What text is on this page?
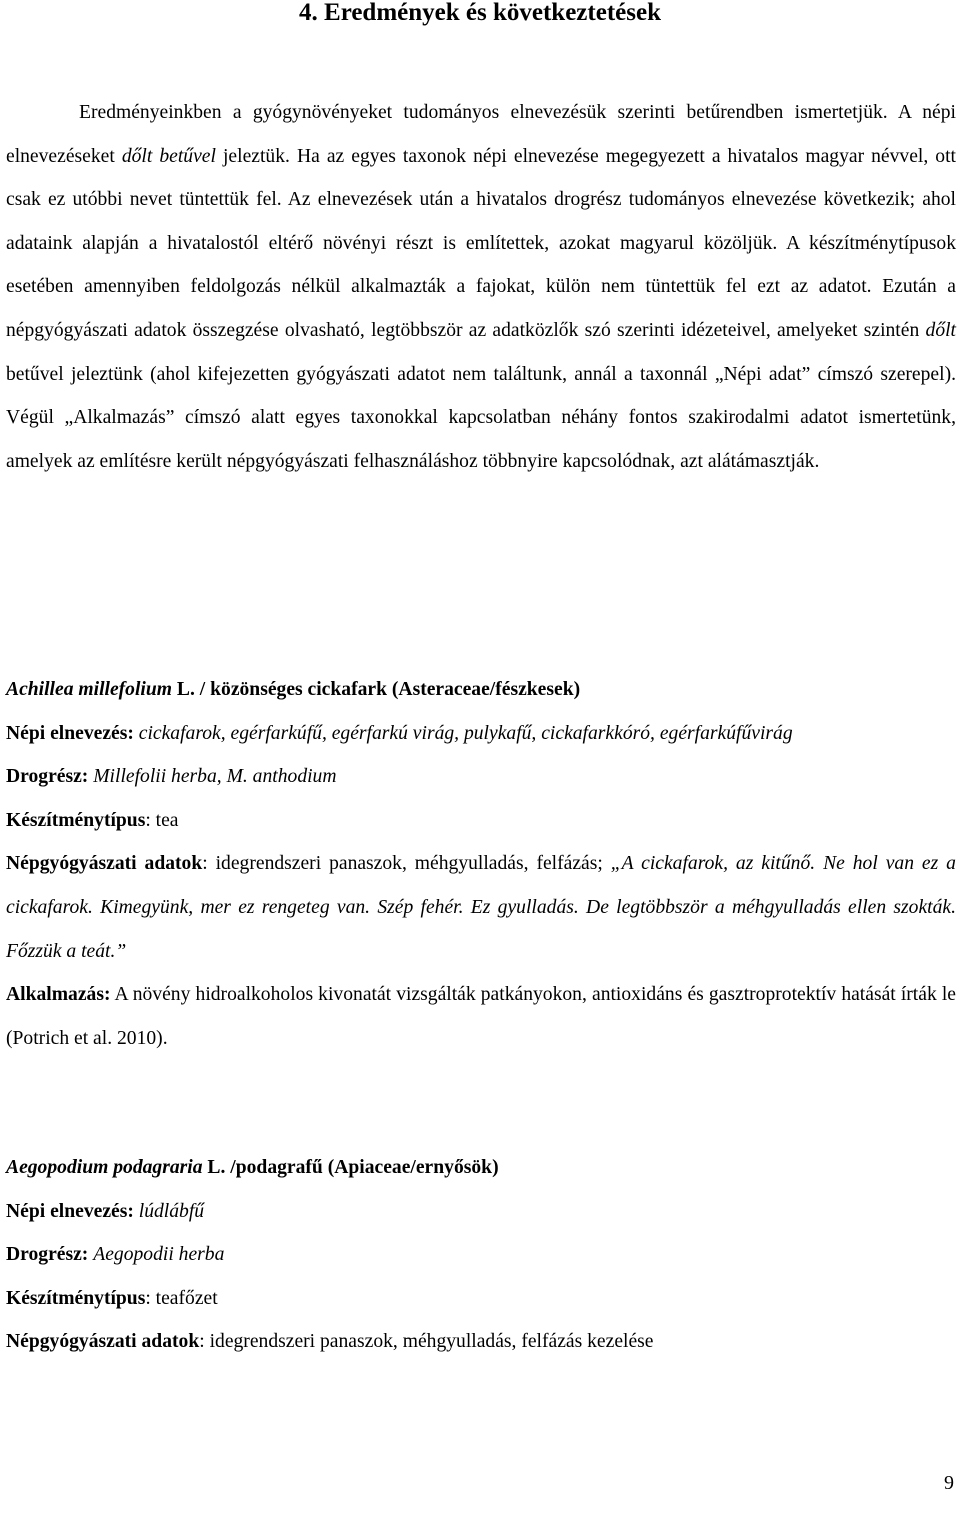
4. Eredmények és következtetések

Eredményeinkben a gyógynövényeket tudományos elnevezésük szerinti betűrendben ismertetjük. A népi elnevezéseket dőlt betűvel jeleztük. Ha az egyes taxonok népi elnevezése megegyezett a hivatalos magyar névvel, ott csak ez utóbbi nevet tüntettük fel. Az elnevezések után a hivatalos drogrész tudományos elnevezése következik; ahol adataink alapján a hivatalostól eltérő növényi részt is említettek, azokat magyarul közöljük. A készítménytípusok esetében amennyiben feldolgozás nélkül alkalmazták a fajokat, külön nem tüntettük fel ezt az adatot. Ezután a népgyógyászati adatok összegzése olvasható, legtöbbször az adatközlők szó szerinti idézeteivel, amelyeket szintén dőlt betűvel jeleztünk (ahol kifejezetten gyógyászati adatot nem találtunk, annál a taxonnál „Népi adat” címszó szerepel). Végül „Alkalmazás” címszó alatt egyes taxonokkal kapcsolatban néhány fontos szakirodalmi adatot ismertetünk, amelyek az említésre került népgyógyászati felhasználáshoz többnyire kapcsolódnak, azt alátámasztják.

Achillea millefolium L. / közönséges cickafark (Asteraceae/fészkesek)

Népi elnevezés: cickafarok, egérfarkúfű, egérfarkú virág, pulykafű, cickafarkkóró, egérfarkúfűvirág

Drogrész: Millefolii herba, M. anthodium

Készítménytípus: tea

Népgyógyászati adatok: idegrendszeri panaszok, méhgyulladás, felfázás; „A cickafarok, az kitűnő. Ne hol van ez a cickafarok. Kimegyünk, mer ez rengeteg van. Szép fehér. Ez gyulladás. De legtöbbször a méhgyulladás ellen szokták. Főzzük a teát.”

Alkalmazás: A növény hidroalkoholos kivonatát vizsgálták patkányokon, antioxidáns és gasztroprotektív hatását írták le (Potrich et al. 2010).

Aegopodium podagraria L. /podagrafű (Apiaceae/ernyősök)

Népi elnevezés: lúdlábfű

Drogrész: Aegopodii herba

Készítménytípus: teafőzet

Népgyógyászati adatok: idegrendszeri panaszok, méhgyulladás, felfázás kezelése

9
